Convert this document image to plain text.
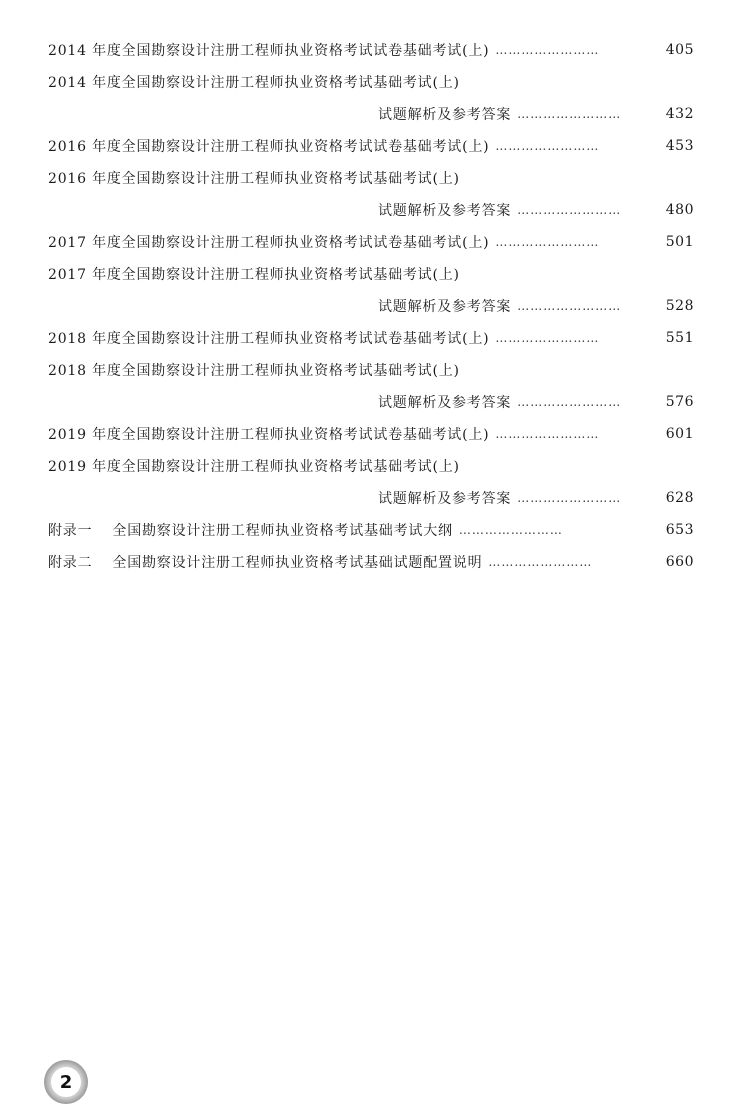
2014 年度全国勘察设计注册工程师执业资格考试试卷基础考试(上) ……………………	405
2014 年度全国勘察设计注册工程师执业资格考试基础考试(上)
试题解析及参考答案 ……………………	432
2016 年度全国勘察设计注册工程师执业资格考试试卷基础考试(上) ……………………	453
2016 年度全国勘察设计注册工程师执业资格考试基础考试(上)
试题解析及参考答案 ……………………	480
2017 年度全国勘察设计注册工程师执业资格考试试卷基础考试(上) ……………………	501
2017 年度全国勘察设计注册工程师执业资格考试基础考试(上)
试题解析及参考答案 ……………………	528
2018 年度全国勘察设计注册工程师执业资格考试试卷基础考试(上) ……………………	551
2018 年度全国勘察设计注册工程师执业资格考试基础考试(上)
试题解析及参考答案 ……………………	576
2019 年度全国勘察设计注册工程师执业资格考试试卷基础考试(上) ……………………	601
2019 年度全国勘察设计注册工程师执业资格考试基础考试(上)
试题解析及参考答案 ……………………	628
附录一 全国勘察设计注册工程师执业资格考试基础考试大纲 ……………………	653
附录二 全国勘察设计注册工程师执业资格考试基础试题配置说明 ……………………	660
2
